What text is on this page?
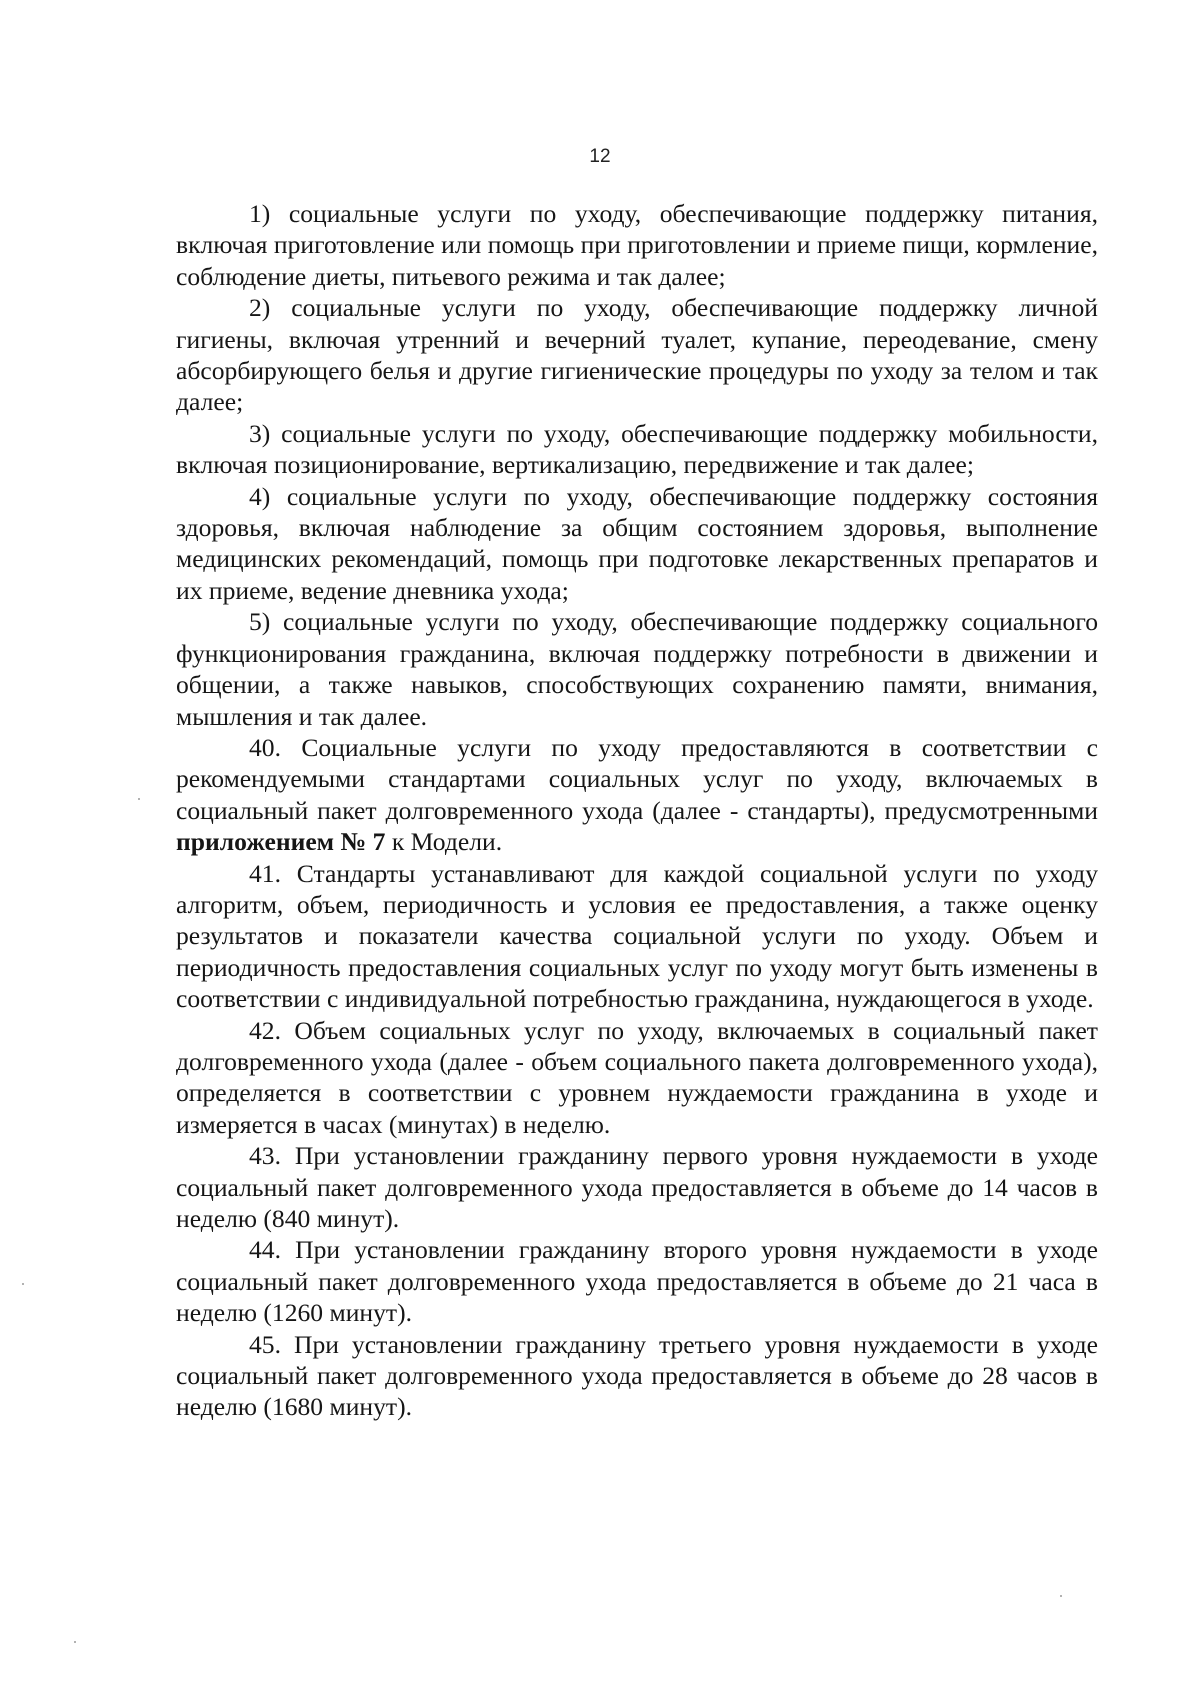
12

1) социальные услуги по уходу, обеспечивающие поддержку питания, включая приготовление или помощь при приготовлении и приеме пищи, кормление, соблюдение диеты, питьевого режима и так далее;

2) социальные услуги по уходу, обеспечивающие поддержку личной гигиены, включая утренний и вечерний туалет, купание, переодевание, смену абсорбирующего белья и другие гигиенические процедуры по уходу за телом и так далее;

3) социальные услуги по уходу, обеспечивающие поддержку мобильности, включая позиционирование, вертикализацию, передвижение и так далее;

4) социальные услуги по уходу, обеспечивающие поддержку состояния здоровья, включая наблюдение за общим состоянием здоровья, выполнение медицинских рекомендаций, помощь при подготовке лекарственных препаратов и их приеме, ведение дневника ухода;

5) социальные услуги по уходу, обеспечивающие поддержку социального функционирования гражданина, включая поддержку потребности в движении и общении, а также навыков, способствующих сохранению памяти, внимания, мышления и так далее.

40. Социальные услуги по уходу предоставляются в соответствии с рекомендуемыми стандартами социальных услуг по уходу, включаемых в социальный пакет долговременного ухода (далее - стандарты), предусмотренными приложением № 7 к Модели.

41. Стандарты устанавливают для каждой социальной услуги по уходу алгоритм, объем, периодичность и условия ее предоставления, а также оценку результатов и показатели качества социальной услуги по уходу. Объем и периодичность предоставления социальных услуг по уходу могут быть изменены в соответствии с индивидуальной потребностью гражданина, нуждающегося в уходе.

42. Объем социальных услуг по уходу, включаемых в социальный пакет долговременного ухода (далее - объем социального пакета долговременного ухода), определяется в соответствии с уровнем нуждаемости гражданина в уходе и измеряется в часах (минутах) в неделю.

43. При установлении гражданину первого уровня нуждаемости в уходе социальный пакет долговременного ухода предоставляется в объеме до 14 часов в неделю (840 минут).

44. При установлении гражданину второго уровня нуждаемости в уходе социальный пакет долговременного ухода предоставляется в объеме до 21 часа в неделю (1260 минут).

45. При установлении гражданину третьего уровня нуждаемости в уходе социальный пакет долговременного ухода предоставляется в объеме до 28 часов в неделю (1680 минут).
